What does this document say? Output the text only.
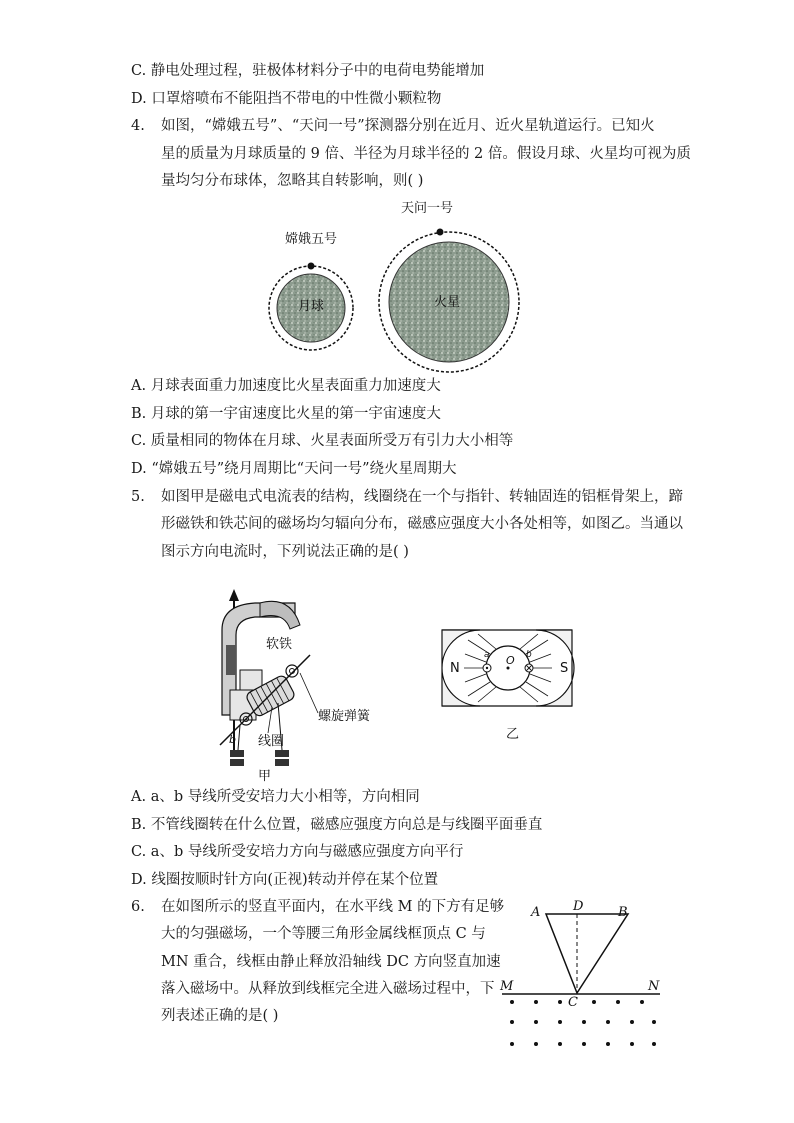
C. 静电处理过程，驻极体材料分子中的电荷电势能增加
D. 口罩熔喷布不能阻挡不带电的中性微小颗粒物
4. 如图，“嫦娥五号”、“天问一号”探测器分别在近月、近火星轨道运行。已知火
星的质量为月球质量的 9 倍、半径为月球半径的 2 倍。假设月球、火星均可视为质
量均匀分布球体，忽略其自转影响，则( )
月球
嫦娥五号
火星
天问一号
A. 月球表面重力加速度比火星表面重力加速度大
B. 月球的第一宇宙速度比火星的第一宇宙速度大
C. 质量相同的物体在月球、火星表面所受万有引力大小相等
D. “嫦娥五号”绕月周期比“天问一号”绕火星周期大
5. 如图甲是磁电式电流表的结构，线圈绕在一个与指针、转轴固连的铝框骨架上，蹄
形磁铁和铁芯间的磁场均匀辐向分布，磁感应强度大小各处相等，如图乙。当通以
图示方向电流时，下列说法正确的是( )
软铁
螺旋弹簧
线圈
b
甲
N	S
O
a	b
乙
A. a、b 导线所受安培力大小相等，方向相同
B. 不管线圈转在什么位置，磁感应强度方向总是与线圈平面垂直
C. a、b 导线所受安培力方向与磁感应强度方向平行
D. 线圈按顺时针方向(正视)转动并停在某个位置
6. 在如图所示的竖直平面内，在水平线 M 的下方有足够
大的匀强磁场，一个等腰三角形金属线框顶点 C 与
MN 重合，线框由静止释放沿轴线 DC 方向竖直加速
落入磁场中。从释放到线框完全进入磁场过程中，下
列表述正确的是( )
A	B
D
C
M	N
